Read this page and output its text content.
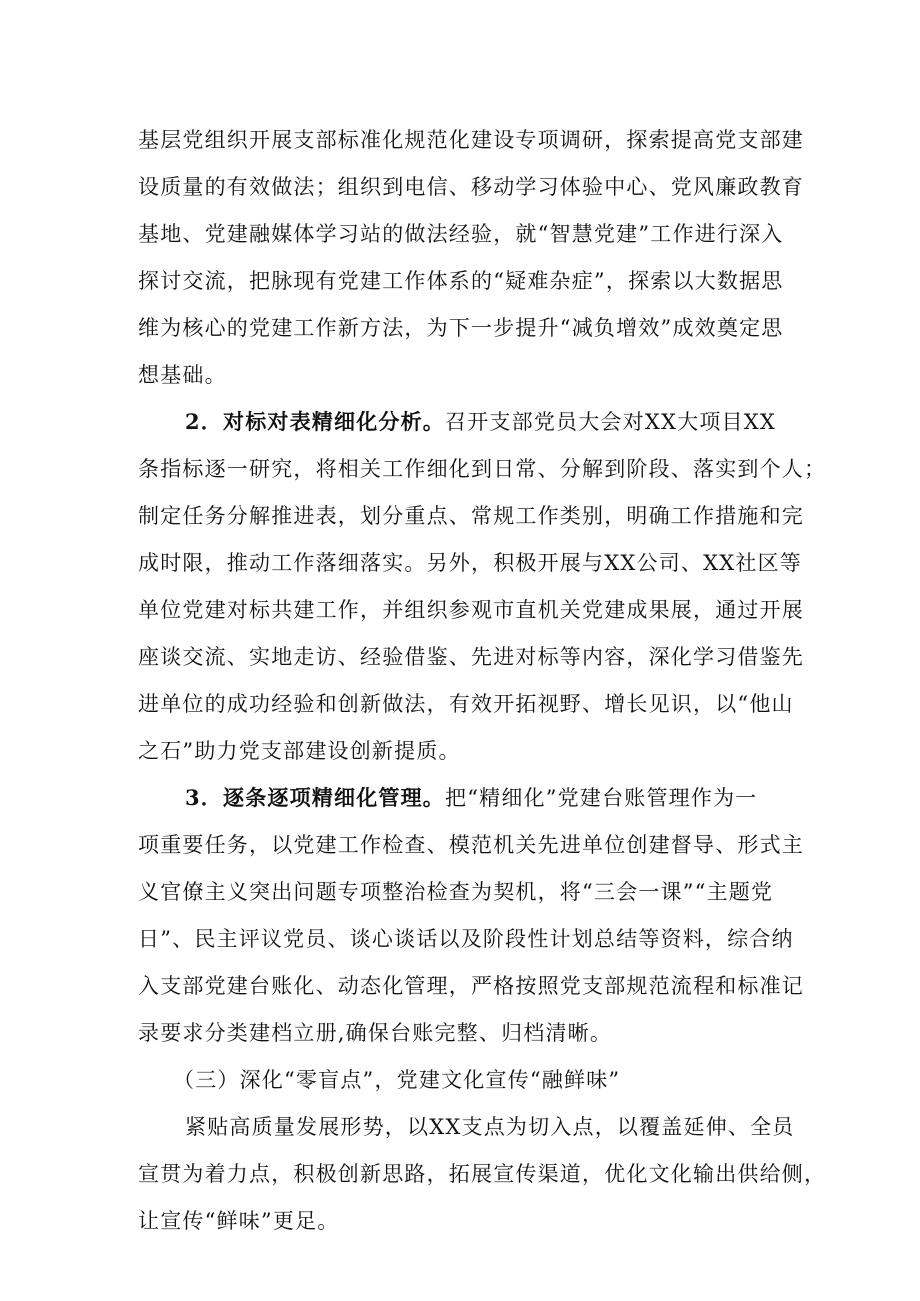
基层党组织开展支部标准化规范化建设专项调研，探索提高党支部建
设质量的有效做法；组织到电信、移动学习体验中心、党风廉政教育
基地、党建融媒体学习站的做法经验，就“智慧党建”工作进行深入
探讨交流，把脉现有党建工作体系的“疑难杂症”，探索以大数据思
维为核心的党建工作新方法，为下一步提升“减负增效”成效奠定思
想基础。
2．对标对表精细化分析。召开支部党员大会对XX大项目XX
条指标逐一研究，将相关工作细化到日常、分解到阶段、落实到个人；
制定任务分解推进表，划分重点、常规工作类别，明确工作措施和完
成时限，推动工作落细落实。另外，积极开展与XX公司、XX社区等
单位党建对标共建工作，并组织参观市直机关党建成果展，通过开展
座谈交流、实地走访、经验借鉴、先进对标等内容，深化学习借鉴先
进单位的成功经验和创新做法，有效开拓视野、增长见识，以“他山
之石”助力党支部建设创新提质。
3．逐条逐项精细化管理。把“精细化”党建台账管理作为一
项重要任务，以党建工作检查、模范机关先进单位创建督导、形式主
义官僚主义突出问题专项整治检查为契机，将“三会一课”“主题党
日”、民主评议党员、谈心谈话以及阶段性计划总结等资料，综合纳
入支部党建台账化、动态化管理，严格按照党支部规范流程和标准记
录要求分类建档立册,确保台账完整、归档清晰。
（三）深化“零盲点”，党建文化宣传“融鲜味”
紧贴高质量发展形势，以XX支点为切入点，以覆盖延伸、全员
宣贯为着力点，积极创新思路，拓展宣传渠道，优化文化输出供给侧，
让宣传“鲜味”更足。
